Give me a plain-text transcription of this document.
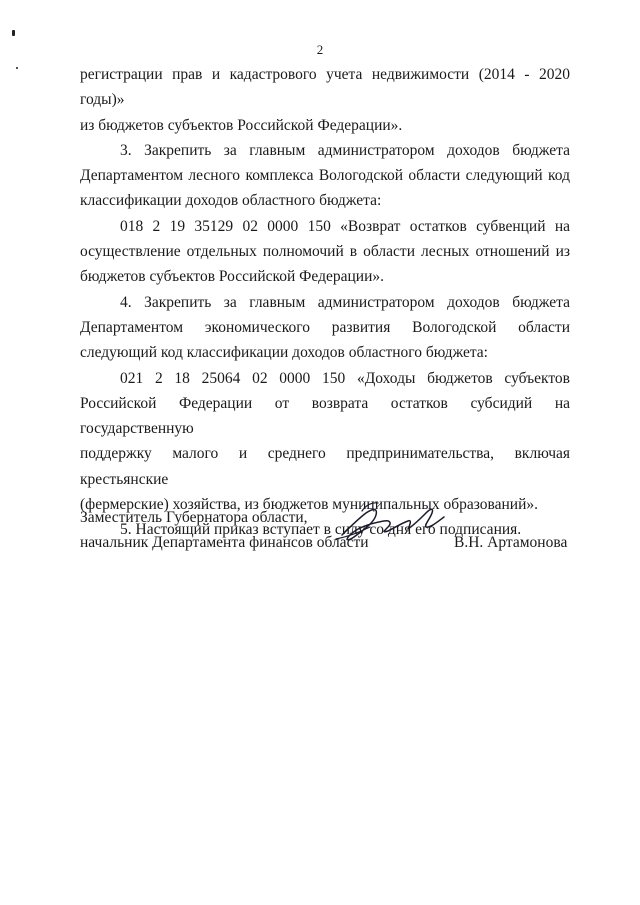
2

регистрации прав и кадастрового учета недвижимости (2014 - 2020 годы)»

из бюджетов субъектов Российской Федерации».

3. Закрепить за главным администратором доходов бюджета

Департаментом лесного комплекса Вологодской области следующий код

классификации доходов областного бюджета:

018 2 19 35129 02 0000 150 «Возврат остатков субвенций на

осуществление отдельных полномочий в области лесных отношений из

бюджетов субъектов Российской Федерации».

4. Закрепить за главным администратором доходов бюджета

Департаментом экономического развития Вологодской области

следующий код классификации доходов областного бюджета:

021 2 18 25064 02 0000 150 «Доходы бюджетов субъектов

Российской Федерации от возврата остатков субсидий на государственную

поддержку малого и среднего предпринимательства, включая крестьянские

(фермерские) хозяйства, из бюджетов муниципальных образований».

5. Настоящий приказ вступает в силу со дня его подписания.

Заместитель Губернатора области,
начальник Департамента финансов области	В.Н. Артамонова
